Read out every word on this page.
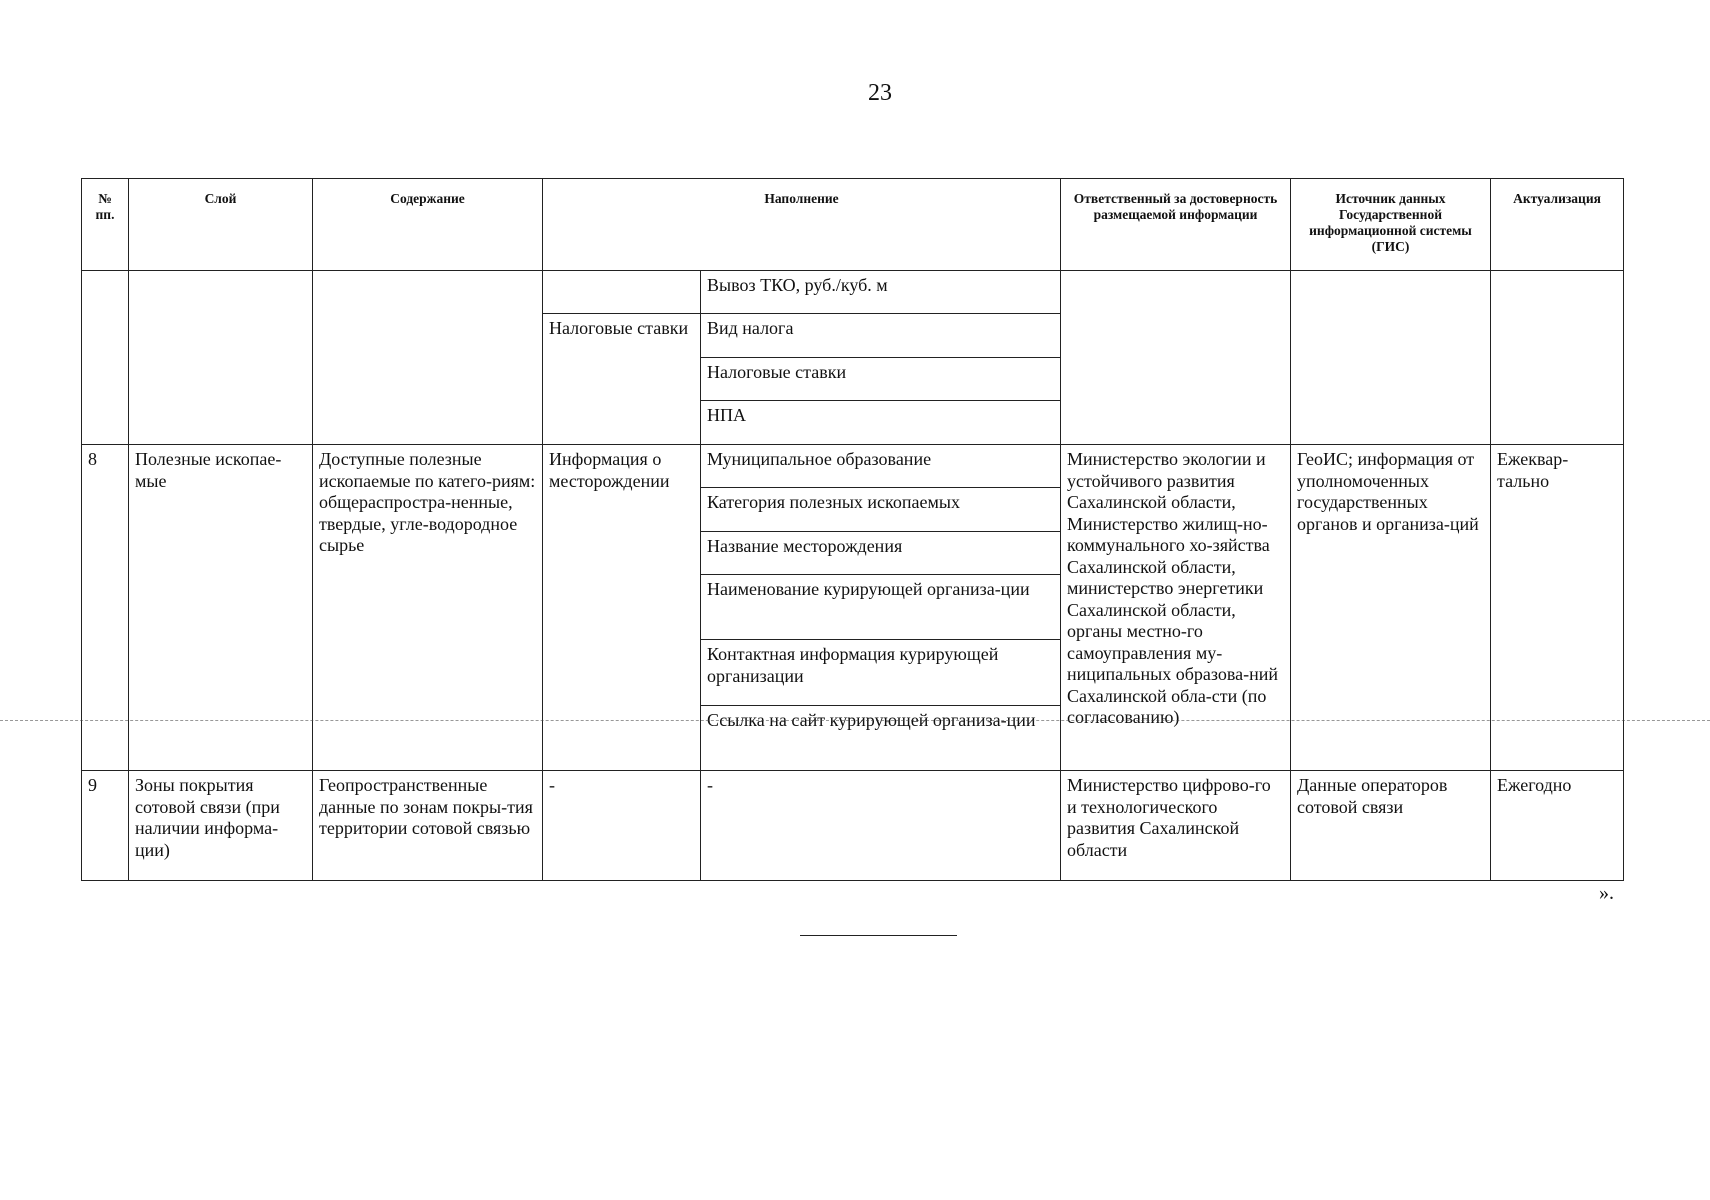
23
№ пп.	Слой	Содержание	Наполнение		Ответственный за достоверность размещаемой информации	Источник данных Государственной информационной системы (ГИС)	Актуализация
				Вывоз ТКО, руб./куб. м			
			Налоговые ставки	Вид налога			
				Налоговые ставки			
				НПА			
8	Полезные ископае-мые	Доступные полезные ископаемые по катего-риям: общераспростра-ненные, твердые, угле-водородное сырье	Информация о месторождении	Муниципальное образование	Министерство экологии и устойчивого развития Сахалинской области, Министерство жилищ-но-коммунального хо-зяйства Сахалинской области, министерство энергетики Сахалинской области, органы местно-го самоуправления му-ниципальных образова-ний Сахалинской обла-сти (по согласованию)	ГеоИС; информация от уполномоченных государственных органов и организа-ций	Ежеквар-тально
				Категория полезных ископаемых			
				Название месторождения			
				Наименование курирующей организа-ции			
				Контактная информация курирующей организации			
				Ссылка на сайт курирующей организа-ции			
9	Зоны покрытия сотовой связи (при наличии информа-ции)	Геопространственные данные по зонам покры-тия территории сотовой связью	-	-	Министерство цифрово-го и технологического развития Сахалинской области	Данные операторов сотовой связи	Ежегодно
».
